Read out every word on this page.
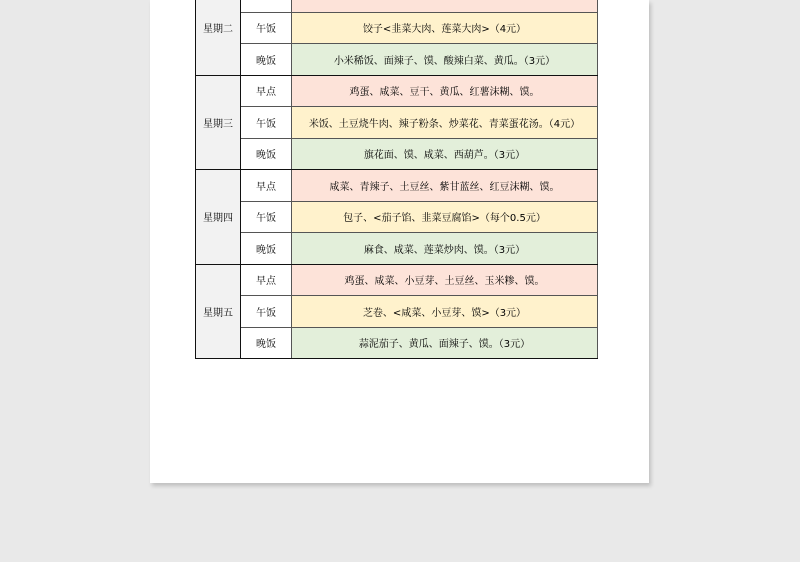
星期二		
	午饭	饺子<韭菜大肉、莲菜大肉>（4元）
	晚饭	小米稀饭、面辣子、馍、酸辣白菜、黄瓜。（3元）
星期三	早点	鸡蛋、咸菜、豆干、黄瓜、红薯沫糊、馍。
	午饭	米饭、土豆烧牛肉、辣子粉条、炒菜花、青菜蛋花汤。（4元）
	晚饭	旗花面、馍、咸菜、西葫芦。（3元）
星期四	早点	咸菜、青辣子、土豆丝、紫甘蓝丝、红豆沫糊、馍。
	午饭	包子、<茄子馅、韭菜豆腐馅>（每个0.5元）
	晚饭	麻食、咸菜、莲菜炒肉、馍。（3元）
星期五	早点	鸡蛋、咸菜、小豆芽、土豆丝、玉米糁、馍。
	午饭	芝卷、<咸菜、小豆芽、馍>（3元）
	晚饭	蒜泥茄子、黄瓜、面辣子、馍。（3元）
